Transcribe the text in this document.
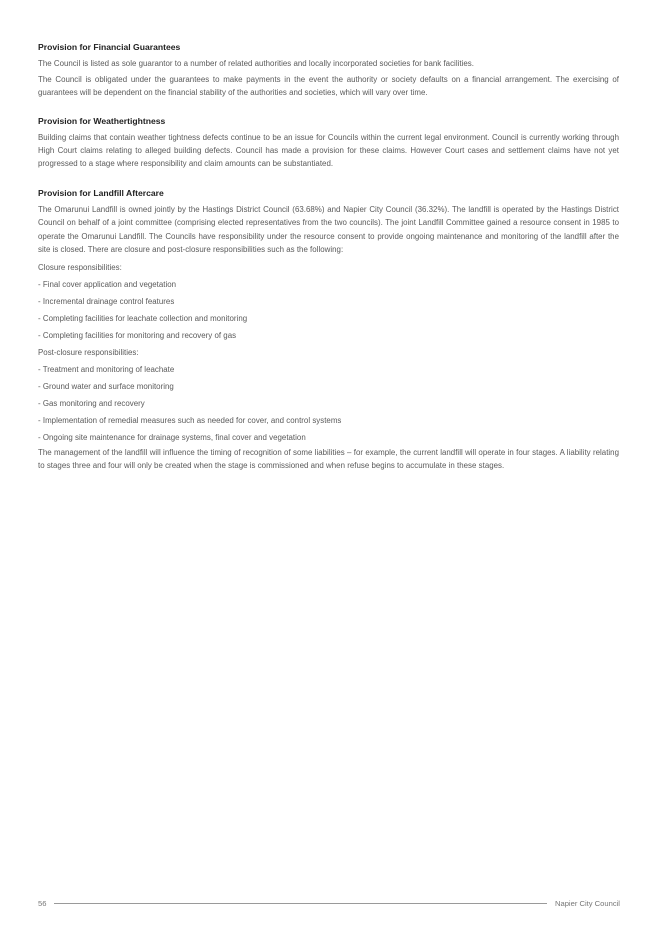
Provision for Financial Guarantees

The Council is listed as sole guarantor to a number of related authorities and locally incorporated societies for bank facilities.

The Council is obligated under the guarantees to make payments in the event the authority or society defaults on a financial arrangement. The exercising of guarantees will be dependent on the financial stability of the authorities and societies, which will vary over time.

Provision for Weathertightness

Building claims that contain weather tightness defects continue to be an issue for Councils within the current legal environment. Council is currently working through High Court claims relating to alleged building defects. Council has made a provision for these claims. However Court cases and settlement claims have not yet progressed to a stage where responsibility and claim amounts can be substantiated.

Provision for Landfill Aftercare

The Omarunui Landfill is owned jointly by the Hastings District Council (63.68%) and Napier City Council (36.32%). The landfill is operated by the Hastings District Council on behalf of a joint committee (comprising elected representatives from the two councils). The joint Landfill Committee gained a resource consent in 1985 to operate the Omarunui Landfill. The Councils have responsibility under the resource consent to provide ongoing maintenance and monitoring of the landfill after the site is closed. There are closure and post-closure responsibilities such as the following:

Closure responsibilities:

- Final cover application and vegetation

- Incremental drainage control features

- Completing facilities for leachate collection and monitoring

- Completing facilities for monitoring and recovery of gas

Post-closure responsibilities:

- Treatment and monitoring of leachate

- Ground water and surface monitoring

- Gas monitoring and recovery

- Implementation of remedial measures such as needed for cover, and control systems

- Ongoing site maintenance for drainage systems, final cover and vegetation

The management of the landfill will influence the timing of recognition of some liabilities – for example, the current landfill will operate in four stages. A liability relating to stages three and four will only be created when the stage is commissioned and when refuse begins to accumulate in these stages.

56	Napier City Council
